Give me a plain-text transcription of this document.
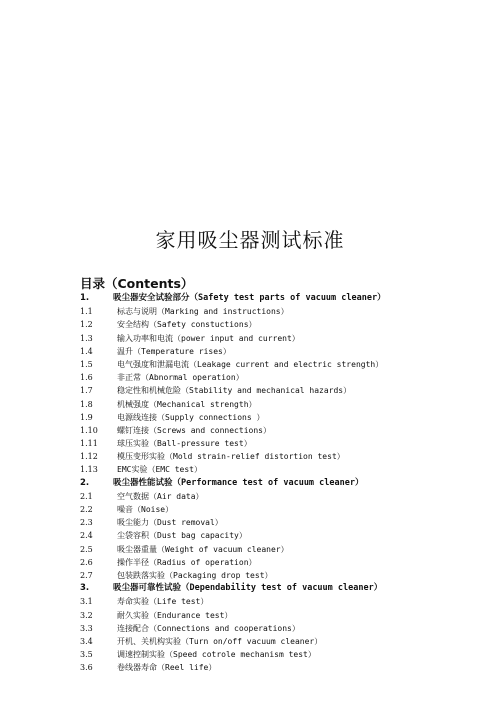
家用吸尘器测试标准
目录（Contents）
1.	吸尘器安全试验部分（Safety test parts of vacuum cleaner）
1.1	标志与说明（Marking and instructions）
1.2	安全结构（Safety constuctions）
1.3	输入功率和电流（power input and current）
1.4	温升（Temperature rises）
1.5	电气强度和泄漏电流（Leakage current and electric strength）
1.6	非正常（Abnormal operation）
1.7	稳定性和机械危险（Stability and mechanical hazards）
1.8	机械强度（Mechanical strength）
1.9	电源线连接（Supply connections ）
1.10 螺钉连接（Screws and connections）
1.11 球压实验（Ball-pressure test）
1.12 模压变形实验（Mold strain-relief distortion test）
1.13 EMC实验（EMC test）
2.	吸尘器性能试验（Performance test of vacuum cleaner）
2.1	空气数据（Air data）
2.2	噪音（Noise）
2.3	吸尘能力（Dust removal）
2.4	尘袋容积（Dust bag capacity）
2.5	吸尘器重量（Weight of vacuum cleaner）
2.6	操作半径（Radius of operation）
2.7	包装跌落实验（Packaging drop test）
3.	吸尘器可靠性试验（Dependability test of vacuum cleaner）
3.1	寿命实验（Life test）
3.2	耐久实验（Endurance test）
3.3	连接配合（Connections and cooperations）
3.4	开机、关机构实验（Turn on/off vacuum cleaner）
3.5	调速控制实验（Speed cotrole mechanism test）
3.6	卷线器寿命（Reel life）
